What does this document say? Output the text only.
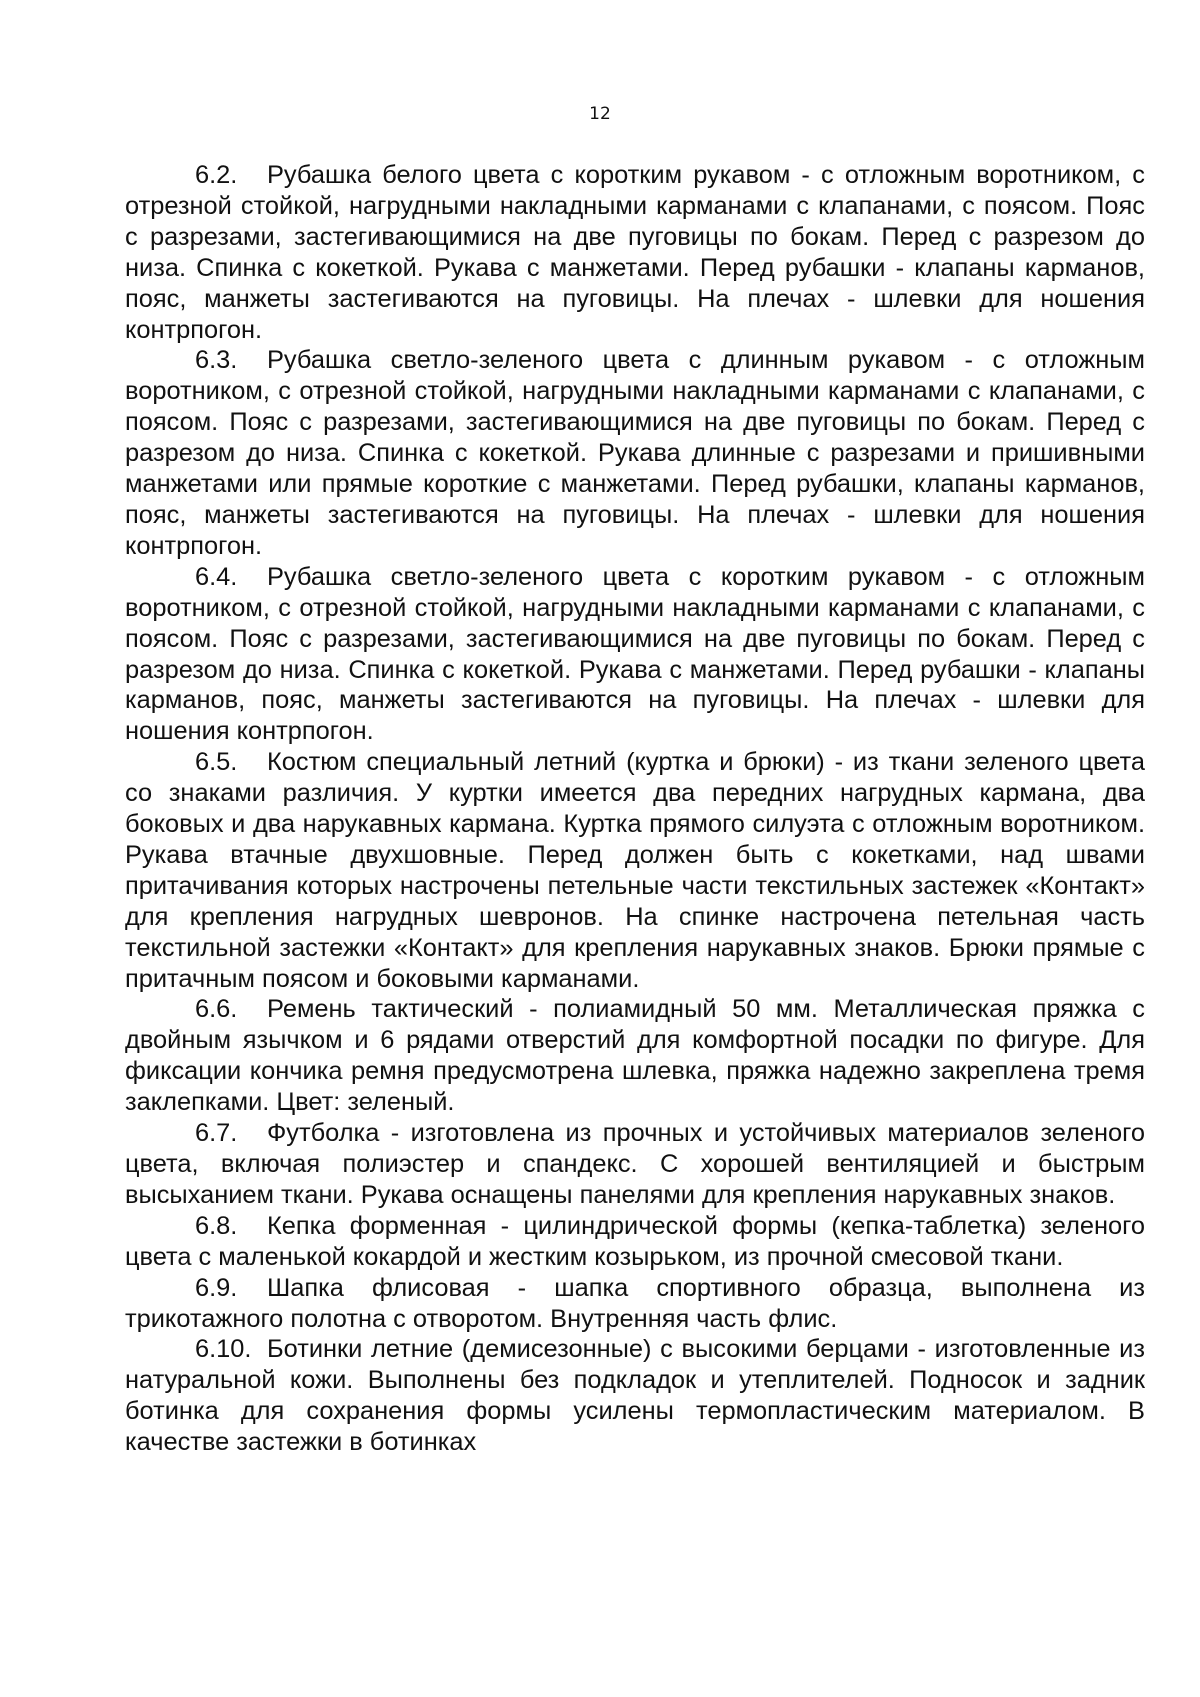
12

6.2. Рубашка белого цвета с коротким рукавом - с отложным воротником, с отрезной стойкой, нагрудными накладными карманами с клапанами, с поясом. Пояс с разрезами, застегивающимися на две пуговицы по бокам. Перед с разрезом до низа. Спинка с кокеткой. Рукава с манжетами. Перед рубашки - клапаны карманов, пояс, манжеты застегиваются на пуговицы. На плечах - шлевки для ношения контрпогон.

6.3. Рубашка светло-зеленого цвета с длинным рукавом - с отложным воротником, с отрезной стойкой, нагрудными накладными карманами с клапанами, с поясом. Пояс с разрезами, застегивающимися на две пуговицы по бокам. Перед с разрезом до низа. Спинка с кокеткой. Рукава длинные с разрезами и пришивными манжетами или прямые короткие с манжетами. Перед рубашки, клапаны карманов, пояс, манжеты застегиваются на пуговицы. На плечах - шлевки для ношения контрпогон.

6.4. Рубашка светло-зеленого цвета с коротким рукавом - с отложным воротником, с отрезной стойкой, нагрудными накладными карманами с клапанами, с поясом. Пояс с разрезами, застегивающимися на две пуговицы по бокам. Перед с разрезом до низа. Спинка с кокеткой. Рукава с манжетами. Перед рубашки - клапаны карманов, пояс, манжеты застегиваются на пуговицы. На плечах - шлевки для ношения контрпогон.

6.5. Костюм специальный летний (куртка и брюки) - из ткани зеленого цвета со знаками различия. У куртки имеется два передних нагрудных кармана, два боковых и два нарукавных кармана. Куртка прямого силуэта с отложным воротником. Рукава втачные двухшовные. Перед должен быть с кокетками, над швами притачивания которых настрочены петельные части текстильных застежек «Контакт» для крепления нагрудных шевронов. На спинке настрочена петельная часть текстильной застежки «Контакт» для крепления нарукавных знаков. Брюки прямые с притачным поясом и боковыми карманами.

6.6. Ремень тактический - полиамидный 50 мм. Металлическая пряжка с двойным язычком и 6 рядами отверстий для комфортной посадки по фигуре. Для фиксации кончика ремня предусмотрена шлевка, пряжка надежно закреплена тремя заклепками. Цвет: зеленый.

6.7. Футболка - изготовлена из прочных и устойчивых материалов зеленого цвета, включая полиэстер и спандекс. С хорошей вентиляцией и быстрым высыханием ткани. Рукава оснащены панелями для крепления нарукавных знаков.

6.8. Кепка форменная - цилиндрической формы (кепка-таблетка) зеленого цвета с маленькой кокардой и жестким козырьком, из прочной смесовой ткани.

6.9. Шапка флисовая - шапка спортивного образца, выполнена из трикотажного полотна с отворотом. Внутренняя часть флис.

6.10. Ботинки летние (демисезонные) с высокими берцами - изготовленные из натуральной кожи. Выполнены без подкладок и утеплителей. Подносок и задник ботинка для сохранения формы усилены термопластическим материалом. В качестве застежки в ботинках
